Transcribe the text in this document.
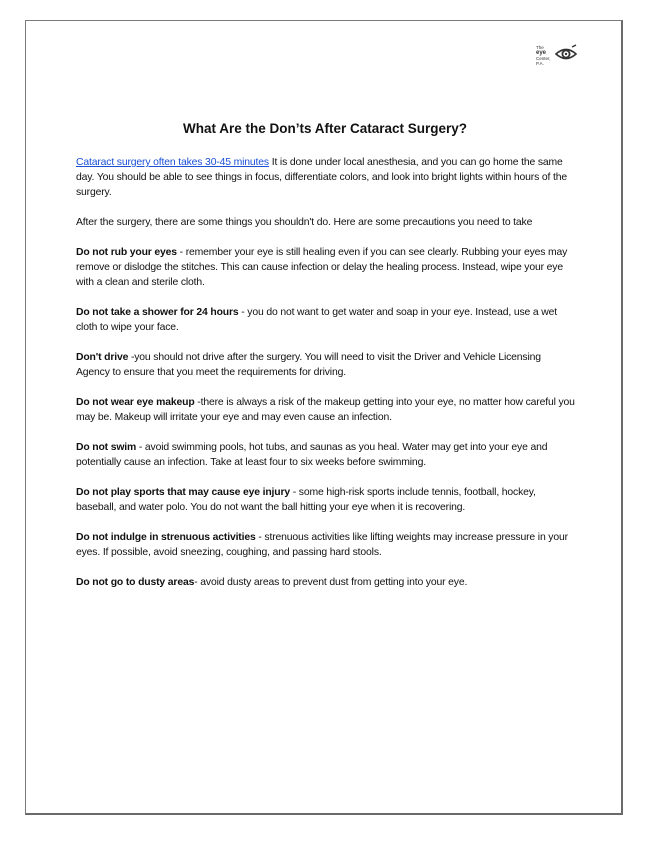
The
eye
Center, P.A.
What Are the Don’ts After Cataract Surgery?

Cataract surgery often takes 30-45 minutes It is done under local anesthesia, and you can go home the same day. You should be able to see things in focus, differentiate colors, and look into bright lights within hours of the surgery.

After the surgery, there are some things you shouldn't do. Here are some precautions you need to take

Do not rub your eyes - remember your eye is still healing even if you can see clearly. Rubbing your eyes may remove or dislodge the stitches. This can cause infection or delay the healing process. Instead, wipe your eye with a clean and sterile cloth.

Do not take a shower for 24 hours - you do not want to get water and soap in your eye. Instead, use a wet cloth to wipe your face.

Don't drive -you should not drive after the surgery. You will need to visit the Driver and Vehicle Licensing Agency to ensure that you meet the requirements for driving.

Do not wear eye makeup -there is always a risk of the makeup getting into your eye, no matter how careful you may be. Makeup will irritate your eye and may even cause an infection.

Do not swim - avoid swimming pools, hot tubs, and saunas as you heal. Water may get into your eye and potentially cause an infection. Take at least four to six weeks before swimming.

Do not play sports that may cause eye injury - some high-risk sports include tennis, football, hockey, baseball, and water polo. You do not want the ball hitting your eye when it is recovering.

Do not indulge in strenuous activities - strenuous activities like lifting weights may increase pressure in your eyes. If possible, avoid sneezing, coughing, and passing hard stools.

Do not go to dusty areas- avoid dusty areas to prevent dust from getting into your eye.
